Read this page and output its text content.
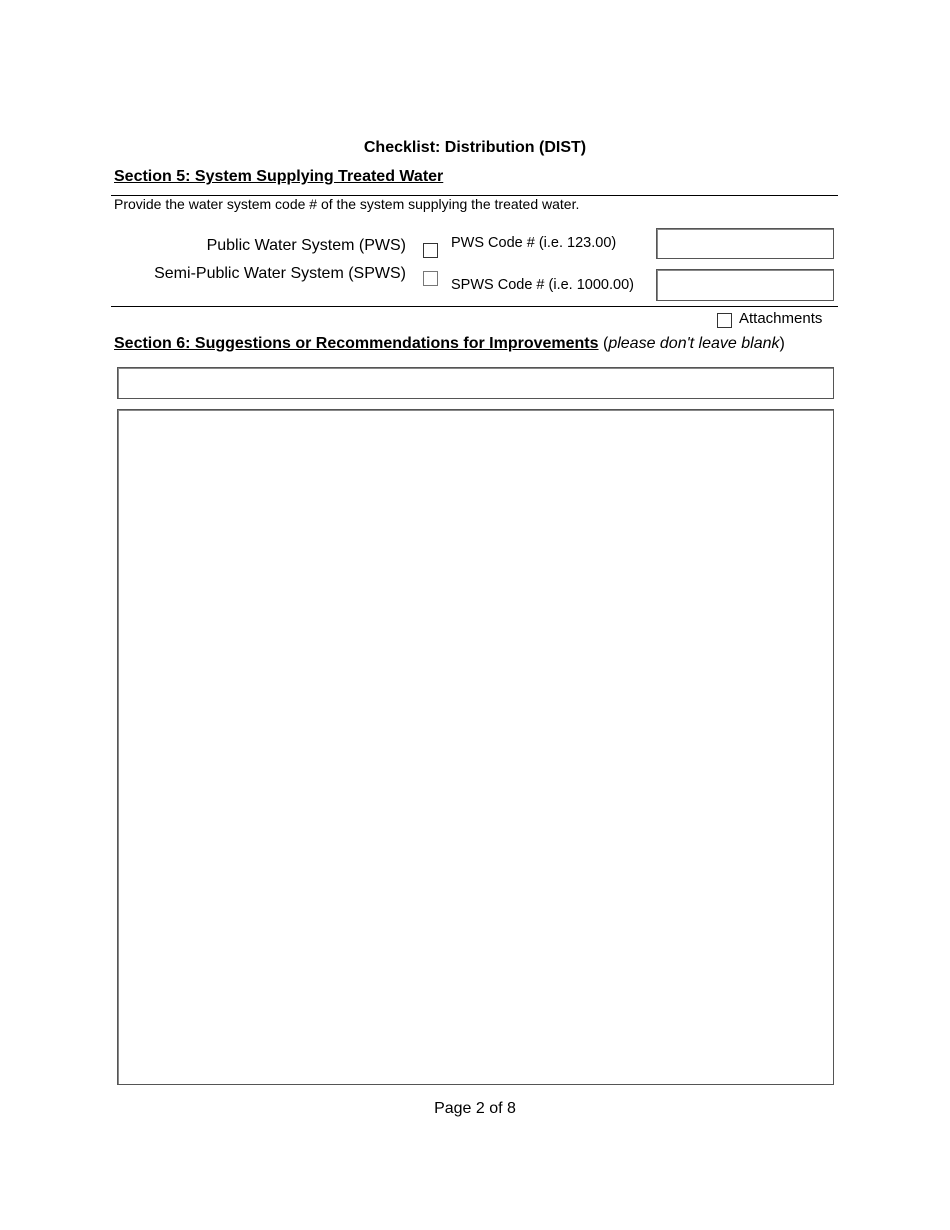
Checklist: Distribution (DIST)
Section 5: System Supplying Treated Water
Provide the water system code # of the system supplying the treated water.
Public Water System (PWS)	PWS Code # (i.e. 123.00)
Semi-Public Water System (SPWS)
SPWS Code # (i.e. 1000.00)
Attachments
Section 6: Suggestions or Recommendations for Improvements (please don't leave blank)
Page 2 of 8
